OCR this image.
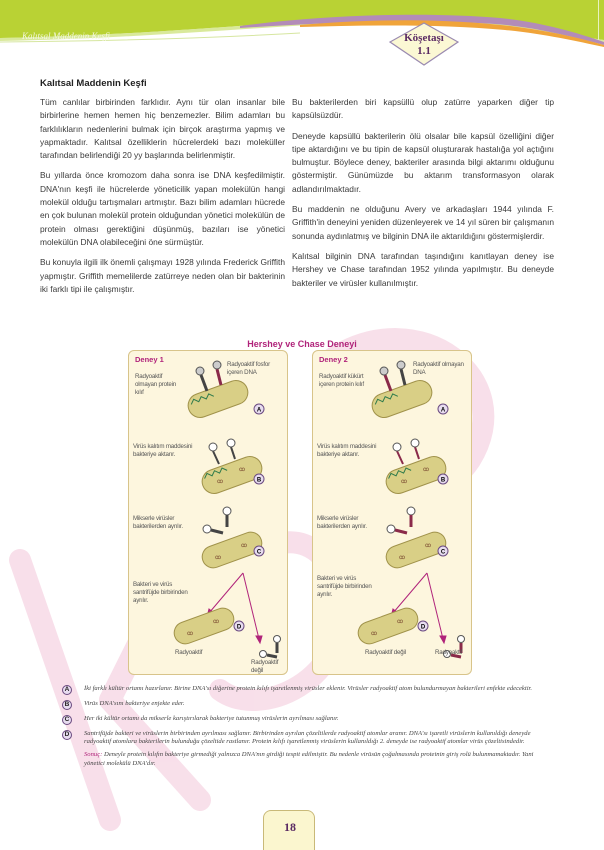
Kalıtsal Maddenin Keşfi	Köşetaşı
1.1
Kalıtsal Maddenin Keşfi

Tüm canlılar birbirinden farklıdır. Aynı tür olan insanlar bile birbirlerine hemen hemen hiç benzemezler. Bilim adamları bu farklılıkların nedenlerini bulmak için birçok araştırma yapmış ve yapmaktadır. Kalıtsal özelliklerin hücrelerdeki bazı moleküller tarafından belirlendiği 20 yy başlarında belirlenmiştir.

Bu yıllarda önce kromozom daha sonra ise DNA keşfedilmiştir. DNA'nın keşfi ile hücrelerde yöneticilik yapan molekülün hangi molekül olduğu tartışmaları artmıştır. Bazı bilim adamları hücrede en çok bulunan molekül protein olduğundan yönetici molekülün de protein olması gerektiğini düşünmüş, bazıları ise yönetici molekülün DNA olabileceğini öne sürmüştür.

Bu konuyla ilgili ilk önemli çalışmayı 1928 yılında Frederick Griffith yapmıştır. Griffith memelilerde zatürreye neden olan bir bakterinin iki farklı tipi ile çalışmıştır.

Bu bakterilerden biri kapsüllü olup zatürre yaparken diğer tip kapsülsüzdür.

Deneyde kapsüllü bakterilerin ölü olsalar bile kapsül özelliğini diğer tipe aktardığını ve bu tipin de kapsül oluşturarak hastalığa yol açtığını bulmuştur. Böylece deney, bakteriler arasında bilgi aktarımı olduğunu göstermiştir. Günümüzde bu aktarım transformasyon olarak adlandırılmaktadır.

Bu maddenin ne olduğunu Avery ve arkadaşları 1944 yılında F. Griffith'in deneyini yeniden düzenleyerek ve 14 yıl süren bir çalışmanın sonunda aydınlatmış ve bilginin DNA ile aktarıldığını göstermişlerdir.

Kalıtsal bilginin DNA tarafından taşındığını kanıtlayan deney ise Hershey ve Chase tarafından 1952 yılında yapılmıştır. Bu deneyde bakteriler ve virüsler kullanılmıştır.

Hershey ve Chase Deneyi
Deney 1
ꝏ
ꝏ
ꝏ
ꝏ
ꝏ
ꝏ
A
B
C
D
Radyoaktif fosfor içeren DNA
Radyoaktif olmayan protein kılıf
Virüs kalıtım maddesini bakteriye aktarır.
Mikserle virüsler bakterilerden ayrılır.
Bakteri ve virüs santrifüjde birbirinden ayrılır.
Radyoaktif
Radyoaktif değil
Deney 2
ꝏ
ꝏ
ꝏ
ꝏ
ꝏ
ꝏ
A
B
C
D
Radyoaktif olmayan DNA
Radyoaktif kükürt içeren protein kılıf
Virüs kalıtım maddesini bakteriye aktarır.
Mikserle virüsler bakterilerden ayrılır.
Bakteri ve virüs santrifüjde birbirinden ayrılır.
Radyoaktif değil	Radyoaktif
A	İki farklı kültür ortamı hazırlanır. Birine DNA'sı diğerine protein kılıfı işaretlenmiş virüsler eklenir. Virüsler radyoaktif atom bulundurmayan bakterileri enfekte edecektir.
B	Virüs DNA'sını bakteriye enjekte eder.
C	Her iki kültür ortamı da mikserle karıştırılarak bakteriye tutunmuş virüslerin ayrılması sağlanır.
D	Santrifüjde bakteri ve virüslerin birbirinden ayrılması sağlanır. Birbirinden ayrılan çözeltilerde radyoaktif atomlar aranır. DNA'sı işaretli virüslerin kullanıldığı deneyde radyoaktif atomlara bakterilerin bulunduğu çözeltide rastlanır. Protein kılıfı işaretlenmiş virüslerin kullanıldığı 2. deneyde ise radyoaktif atomlar virüs çözeltisindedir.
Sonuç: Deneyle protein kılıfın bakteriye girmediği yalnızca DNA'nın girdiği tespit edilmiştir. Bu nedenle virüsün çoğalmasında proteinin giriş rolü bulunmamaktadır. Yani yönetici molekülü DNA'dır.
18
